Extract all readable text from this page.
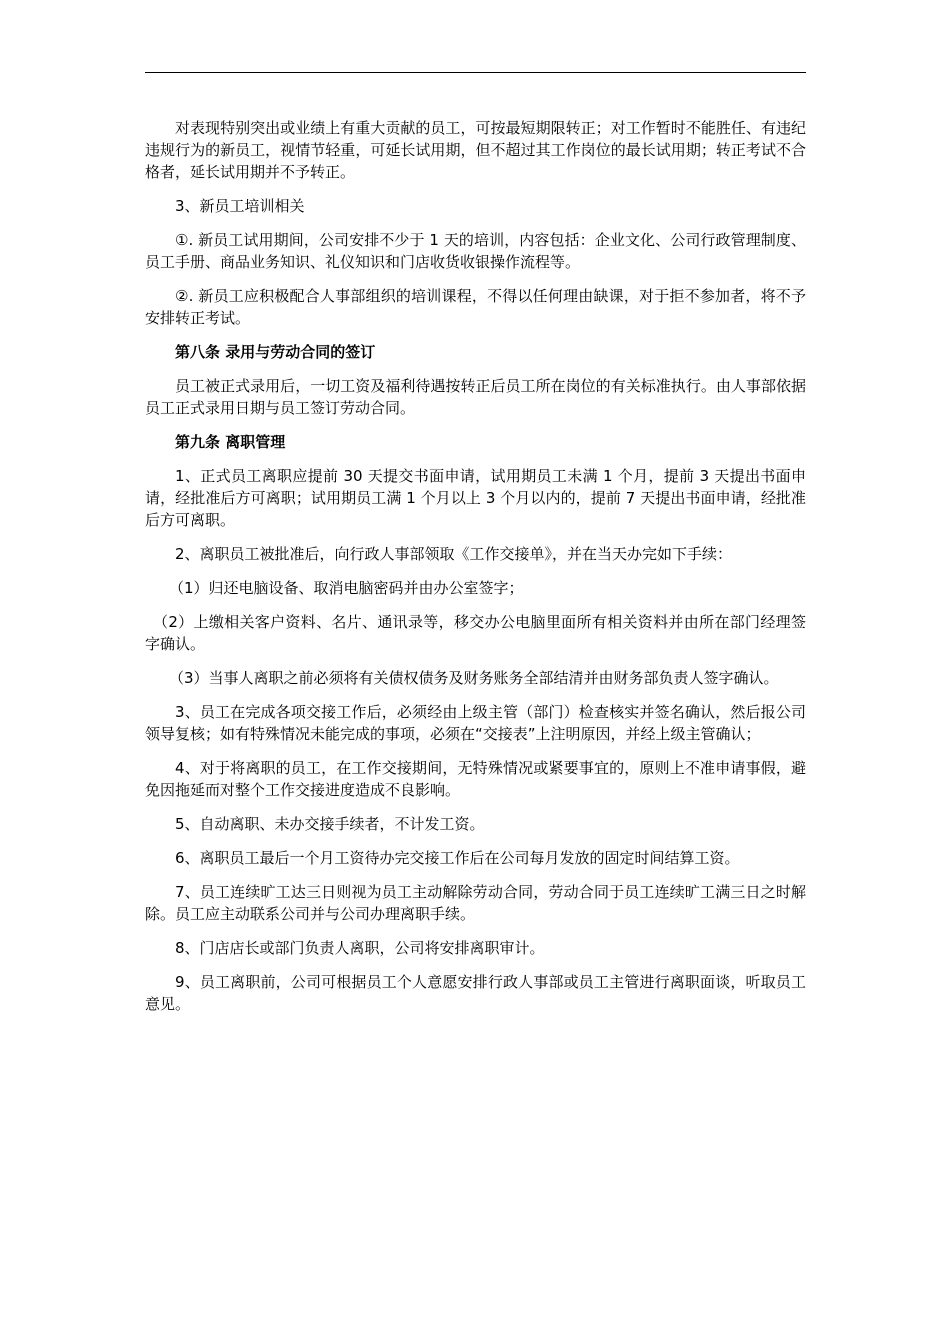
对表现特别突出或业绩上有重大贡献的员工，可按最短期限转正；对工作暂时不能胜任、有违纪违规行为的新员工，视情节轻重，可延长试用期，但不超过其工作岗位的最长试用期；转正考试不合格者，延长试用期并不予转正。

3、新员工培训相关

①. 新员工试用期间，公司安排不少于 1 天的培训，内容包括：企业文化、公司行政管理制度、员工手册、商品业务知识、礼仪知识和门店收货收银操作流程等。

②. 新员工应积极配合人事部组织的培训课程，不得以任何理由缺课，对于拒不参加者，将不予安排转正考试。

第八条 录用与劳动合同的签订

员工被正式录用后，一切工资及福利待遇按转正后员工所在岗位的有关标准执行。由人事部依据员工正式录用日期与员工签订劳动合同。

第九条 离职管理

1、正式员工离职应提前 30 天提交书面申请，试用期员工未满 1 个月，提前 3 天提出书面申请，经批准后方可离职；试用期员工满 1 个月以上 3 个月以内的，提前 7 天提出书面申请，经批准后方可离职。

2、离职员工被批准后，向行政人事部领取《工作交接单》，并在当天办完如下手续：

（1）归还电脑设备、取消电脑密码并由办公室签字；

（2）上缴相关客户资料、名片、通讯录等，移交办公电脑里面所有相关资料并由所在部门经理签字确认。

（3）当事人离职之前必须将有关债权债务及财务账务全部结清并由财务部负责人签字确认。

3、员工在完成各项交接工作后，必须经由上级主管（部门）检查核实并签名确认，然后报公司领导复核；如有特殊情况未能完成的事项，必须在“交接表”上注明原因，并经上级主管确认；

4、对于将离职的员工，在工作交接期间，无特殊情况或紧要事宜的，原则上不准申请事假，避免因拖延而对整个工作交接进度造成不良影响。

5、自动离职、未办交接手续者，不计发工资。

6、离职员工最后一个月工资待办完交接工作后在公司每月发放的固定时间结算工资。

7、员工连续旷工达三日则视为员工主动解除劳动合同，劳动合同于员工连续旷工满三日之时解除。员工应主动联系公司并与公司办理离职手续。

8、门店店长或部门负责人离职，公司将安排离职审计。

9、员工离职前，公司可根据员工个人意愿安排行政人事部或员工主管进行离职面谈，听取员工意见。
